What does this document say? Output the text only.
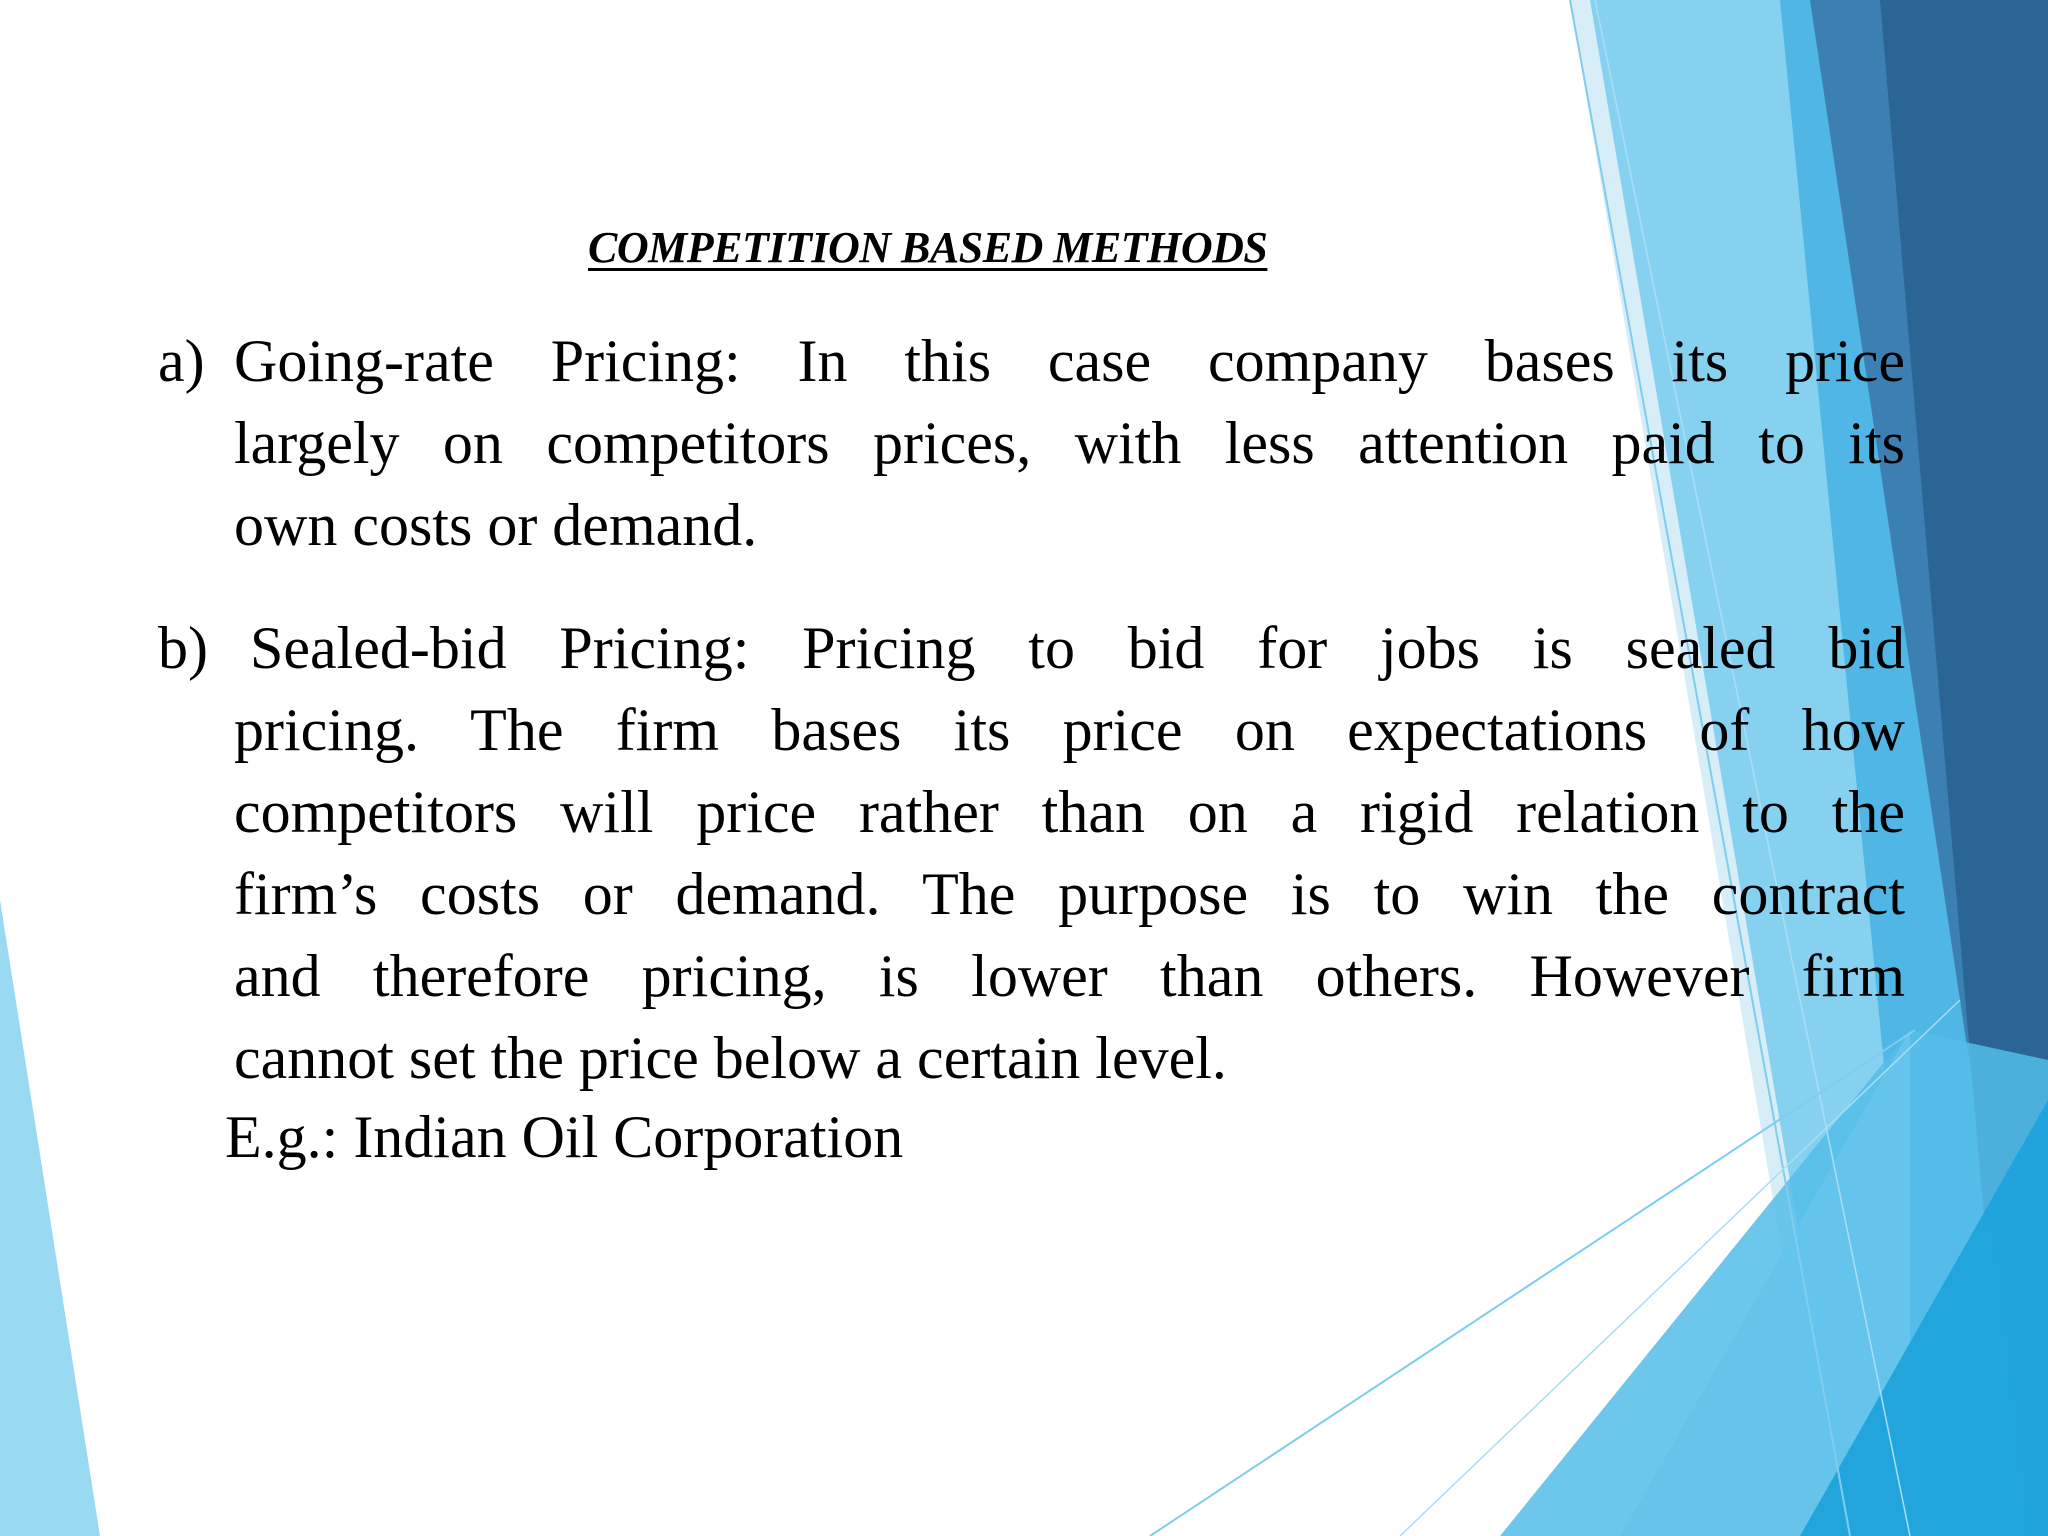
COMPETITION BASED METHODS
a) Going-rate Pricing: In this case company bases its price
largely on competitors prices, with less attention paid to its
own costs or demand.
b) Sealed-bid Pricing: Pricing to bid for jobs is sealed bid
pricing. The firm bases its price on expectations of how
competitors will price rather than on a rigid relation to the
firm’s costs or demand. The purpose is to win the contract
and therefore pricing, is lower than others. However firm
cannot set the price below a certain level.
E.g.: Indian Oil Corporation
